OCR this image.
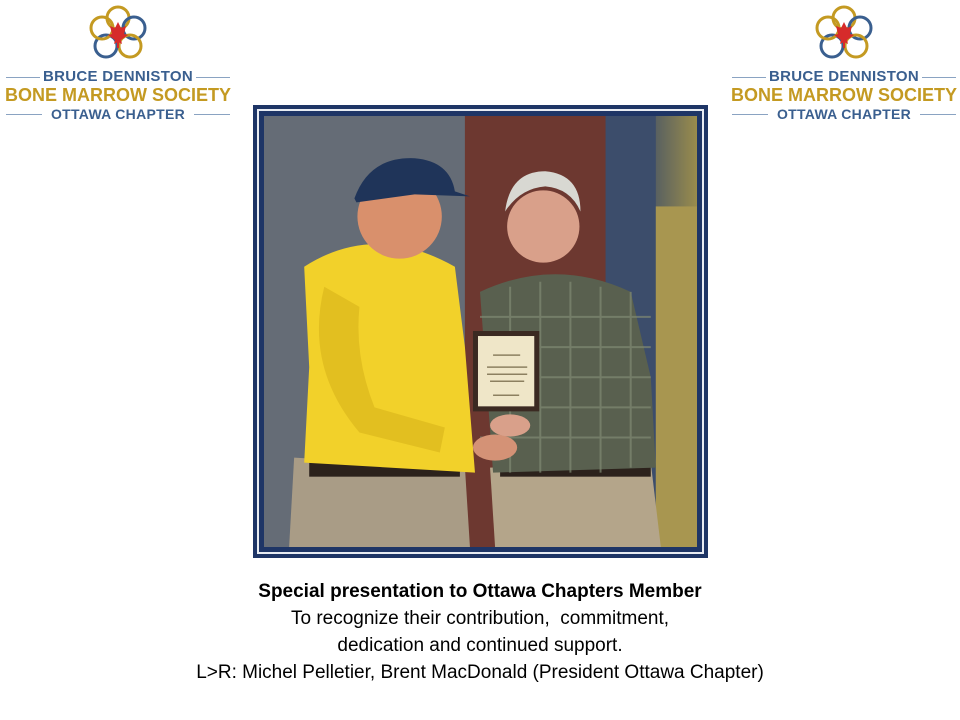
BRUCE DENNISTON
BONE MARROW SOCIETY
OTTAWA CHAPTER
BRUCE DENNISTON
BONE MARROW SOCIETY
OTTAWA CHAPTER
Special presentation to Ottawa Chapters Member
To recognize their contribution,  commitment,
dedication and continued support.
L>R: Michel Pelletier, Brent MacDonald (President Ottawa Chapter)
